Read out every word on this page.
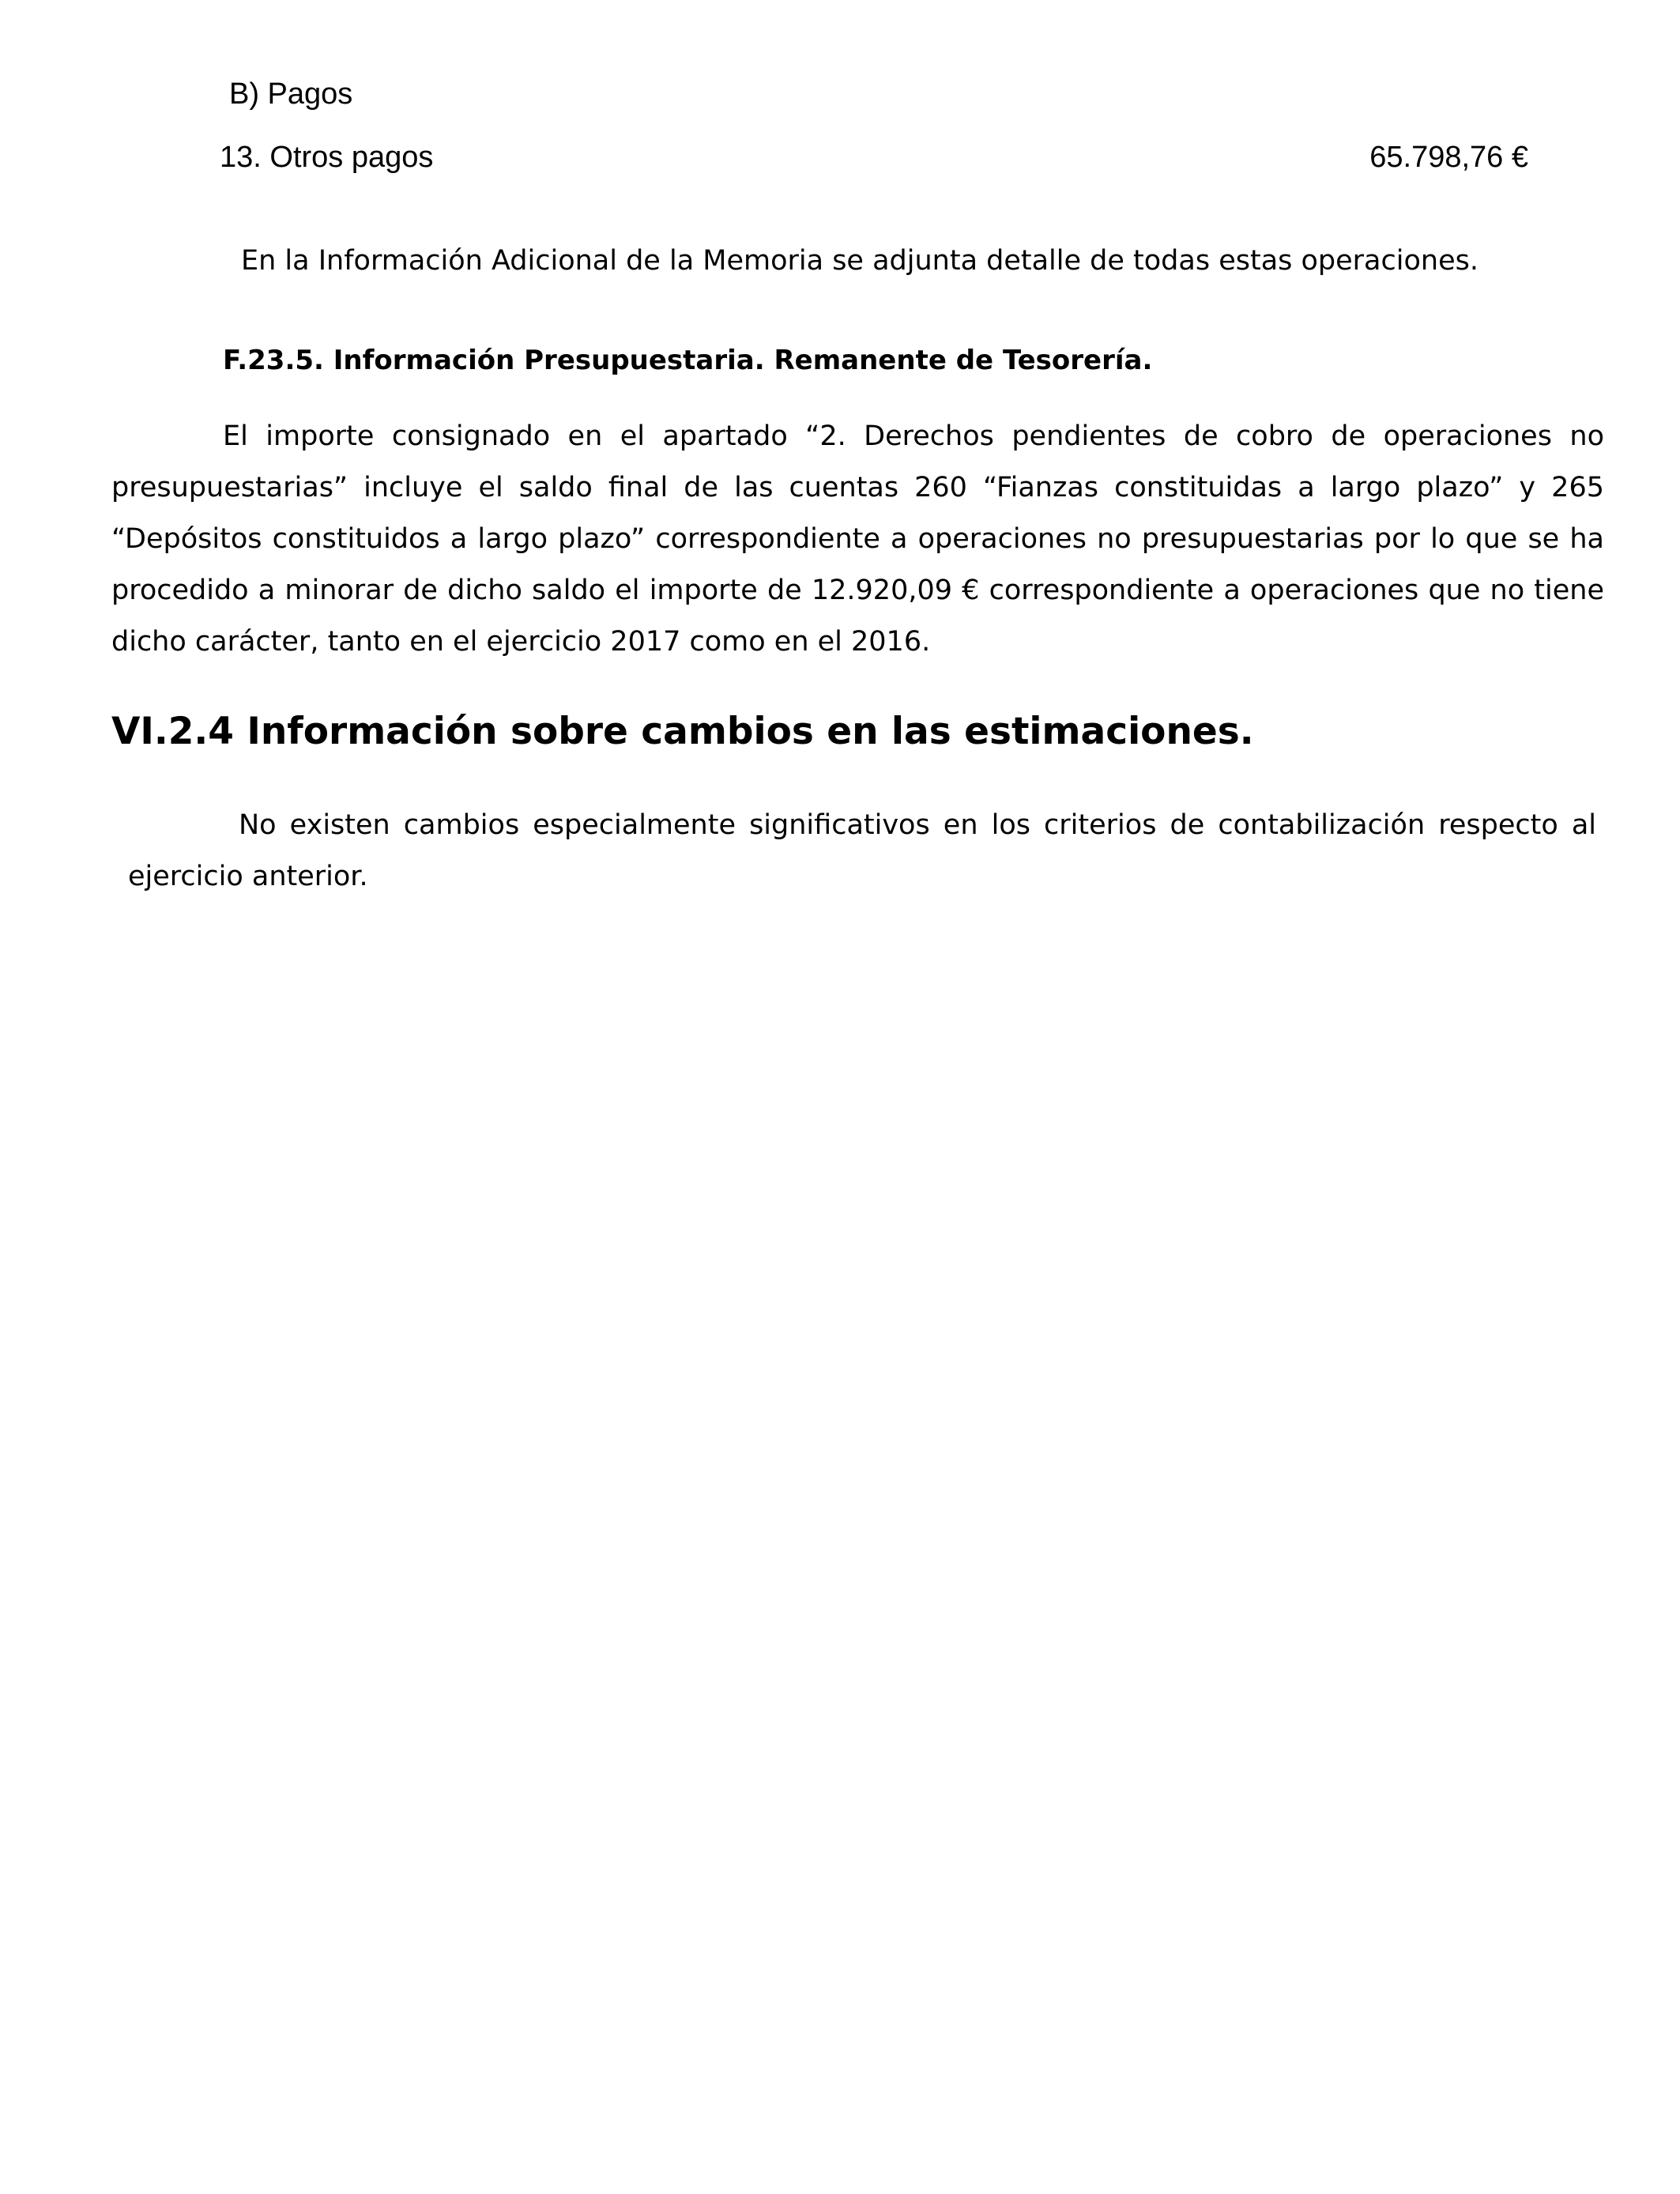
B) Pagos
13. Otros pagos	65.798,76 €
En la Información Adicional de la Memoria se adjunta detalle de todas estas operaciones.
F.23.5. Información Presupuestaria. Remanente de Tesorería.
El importe consignado en el apartado “2. Derechos pendientes de cobro de operaciones no
presupuestarias” incluye el saldo final de las cuentas 260 “Fianzas constituidas a largo plazo” y 265
“Depósitos constituidos a largo plazo” correspondiente a operaciones no presupuestarias por lo que se ha
procedido a minorar de dicho saldo el importe de 12.920,09 € correspondiente a operaciones que no tiene
dicho carácter, tanto en el ejercicio 2017 como en el 2016.
VI.2.4 Información sobre cambios en las estimaciones.
No existen cambios especialmente significativos en los criterios de contabilización respecto al
ejercicio anterior.
